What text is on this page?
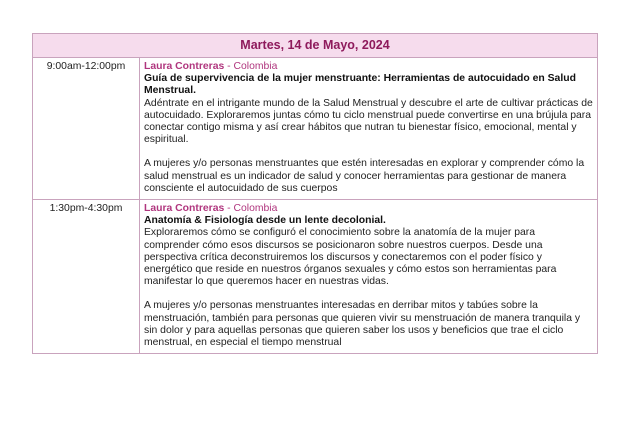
Martes, 14 de Mayo, 2024
9:00am-12:00pm	Laura Contreras - Colombia
Guía de supervivencia de la mujer menstruante: Herramientas de autocuidado en Salud Menstrual.

Adéntrate en el intrigante mundo de la Salud Menstrual y descubre el arte de cultivar prácticas de autocuidado. Exploraremos juntas cómo tu ciclo menstrual puede convertirse en una brújula para conectar contigo misma y así crear hábitos que nutran tu bienestar físico, emocional, mental y espiritual.

A mujeres y/o personas menstruantes que estén interesadas en explorar y comprender cómo la salud menstrual es un indicador de salud y conocer herramientas para gestionar de manera consciente el autocuidado de sus cuerpos

1:30pm-4:30pm	Laura Contreras - Colombia
Anatomía & Fisiología desde un lente decolonial.

Exploraremos cómo se configuró el conocimiento sobre la anatomía de la mujer para comprender cómo esos discursos se posicionaron sobre nuestros cuerpos. Desde una perspectiva crítica deconstruiremos los discursos y conectaremos con el poder físico y energético que reside en nuestros órganos sexuales y cómo estos son herramientas para manifestar lo que queremos hacer en nuestras vidas.

A mujeres y/o personas menstruantes interesadas en derribar mitos y tabúes sobre la menstruación, también para personas que quieren vivir su menstruación de manera tranquila y sin dolor y para aquellas personas que quieren saber los usos y beneficios que trae el ciclo menstrual, en especial el tiempo menstrual
